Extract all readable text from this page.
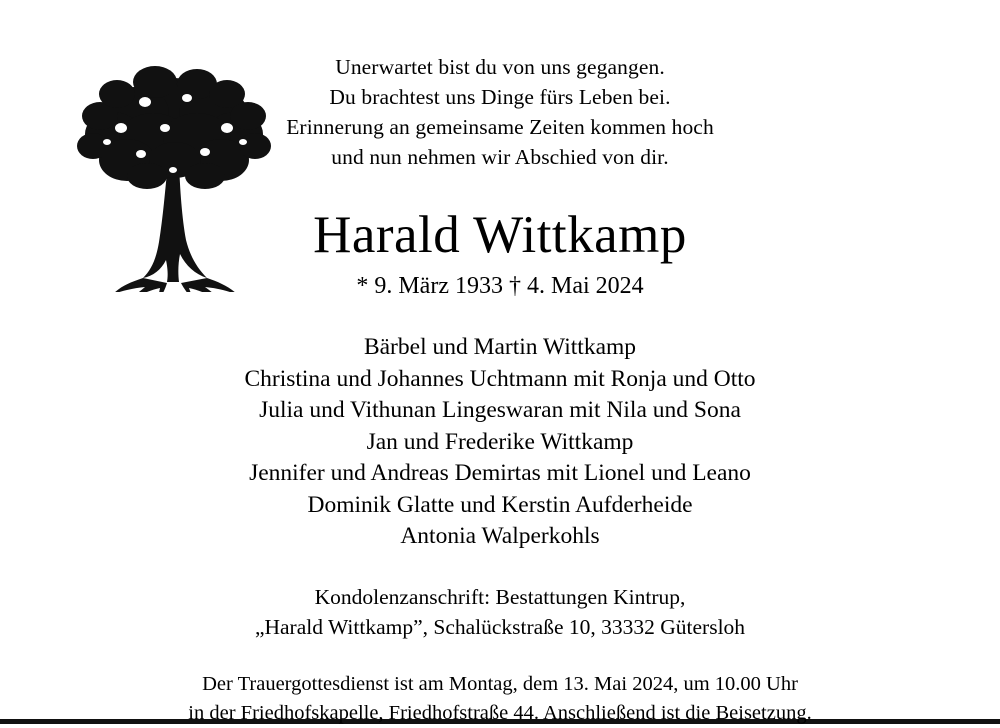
Unerwartet bist du von uns gegangen.
Du brachtest uns Dinge fürs Leben bei.
Erinnerung an gemeinsame Zeiten kommen hoch
und nun nehmen wir Abschied von dir.
Harald Wittkamp
* 9. März 1933 † 4. Mai 2024
Bärbel und Martin Wittkamp
Christina und Johannes Uchtmann mit Ronja und Otto
Julia und Vithunan Lingeswaran mit Nila und Sona
Jan und Frederike Wittkamp
Jennifer und Andreas Demirtas mit Lionel und Leano
Dominik Glatte und Kerstin Aufderheide
Antonia Walperkohls
Kondolenzanschrift: Bestattungen Kintrup,
„Harald Wittkamp”, Schalückstraße 10, 33332 Gütersloh
Der Trauergottesdienst ist am Montag, dem 13. Mai 2024, um 10.00 Uhr
in der Friedhofskapelle, Friedhofstraße 44. Anschließend ist die Beisetzung.
